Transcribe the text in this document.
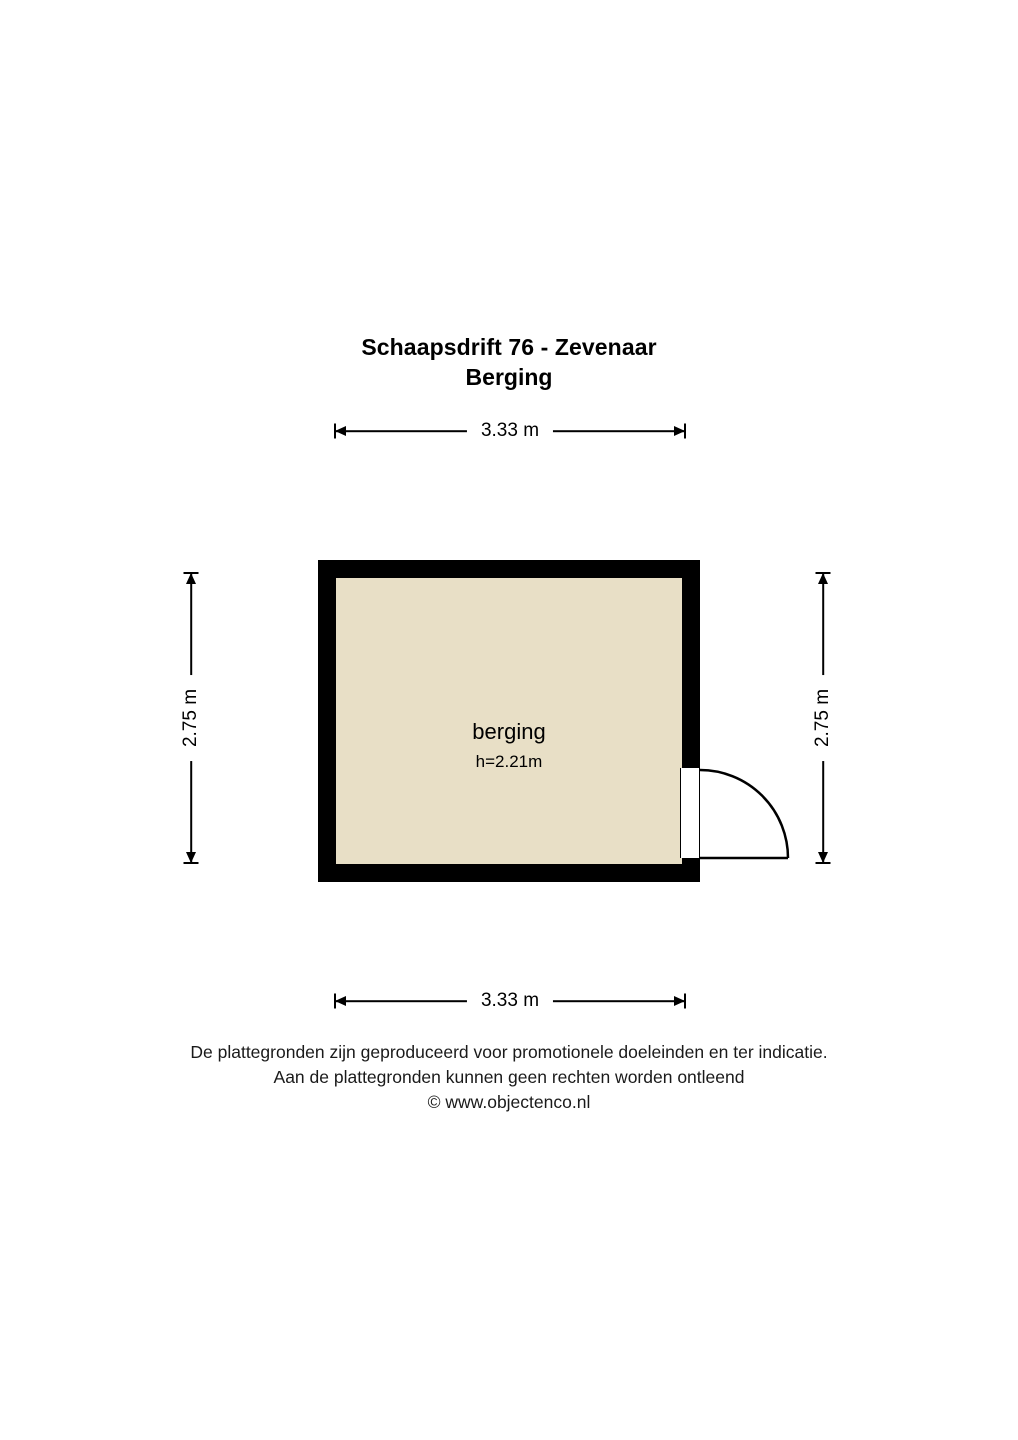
Schaapsdrift 76 - Zevenaar
Berging
3.33 m
2.75 m	2.75 m
berging
h=2.21m
3.33 m
De plattegronden zijn geproduceerd voor promotionele doeleinden en ter indicatie.
Aan de plattegronden kunnen geen rechten worden ontleend
© www.objectenco.nl
